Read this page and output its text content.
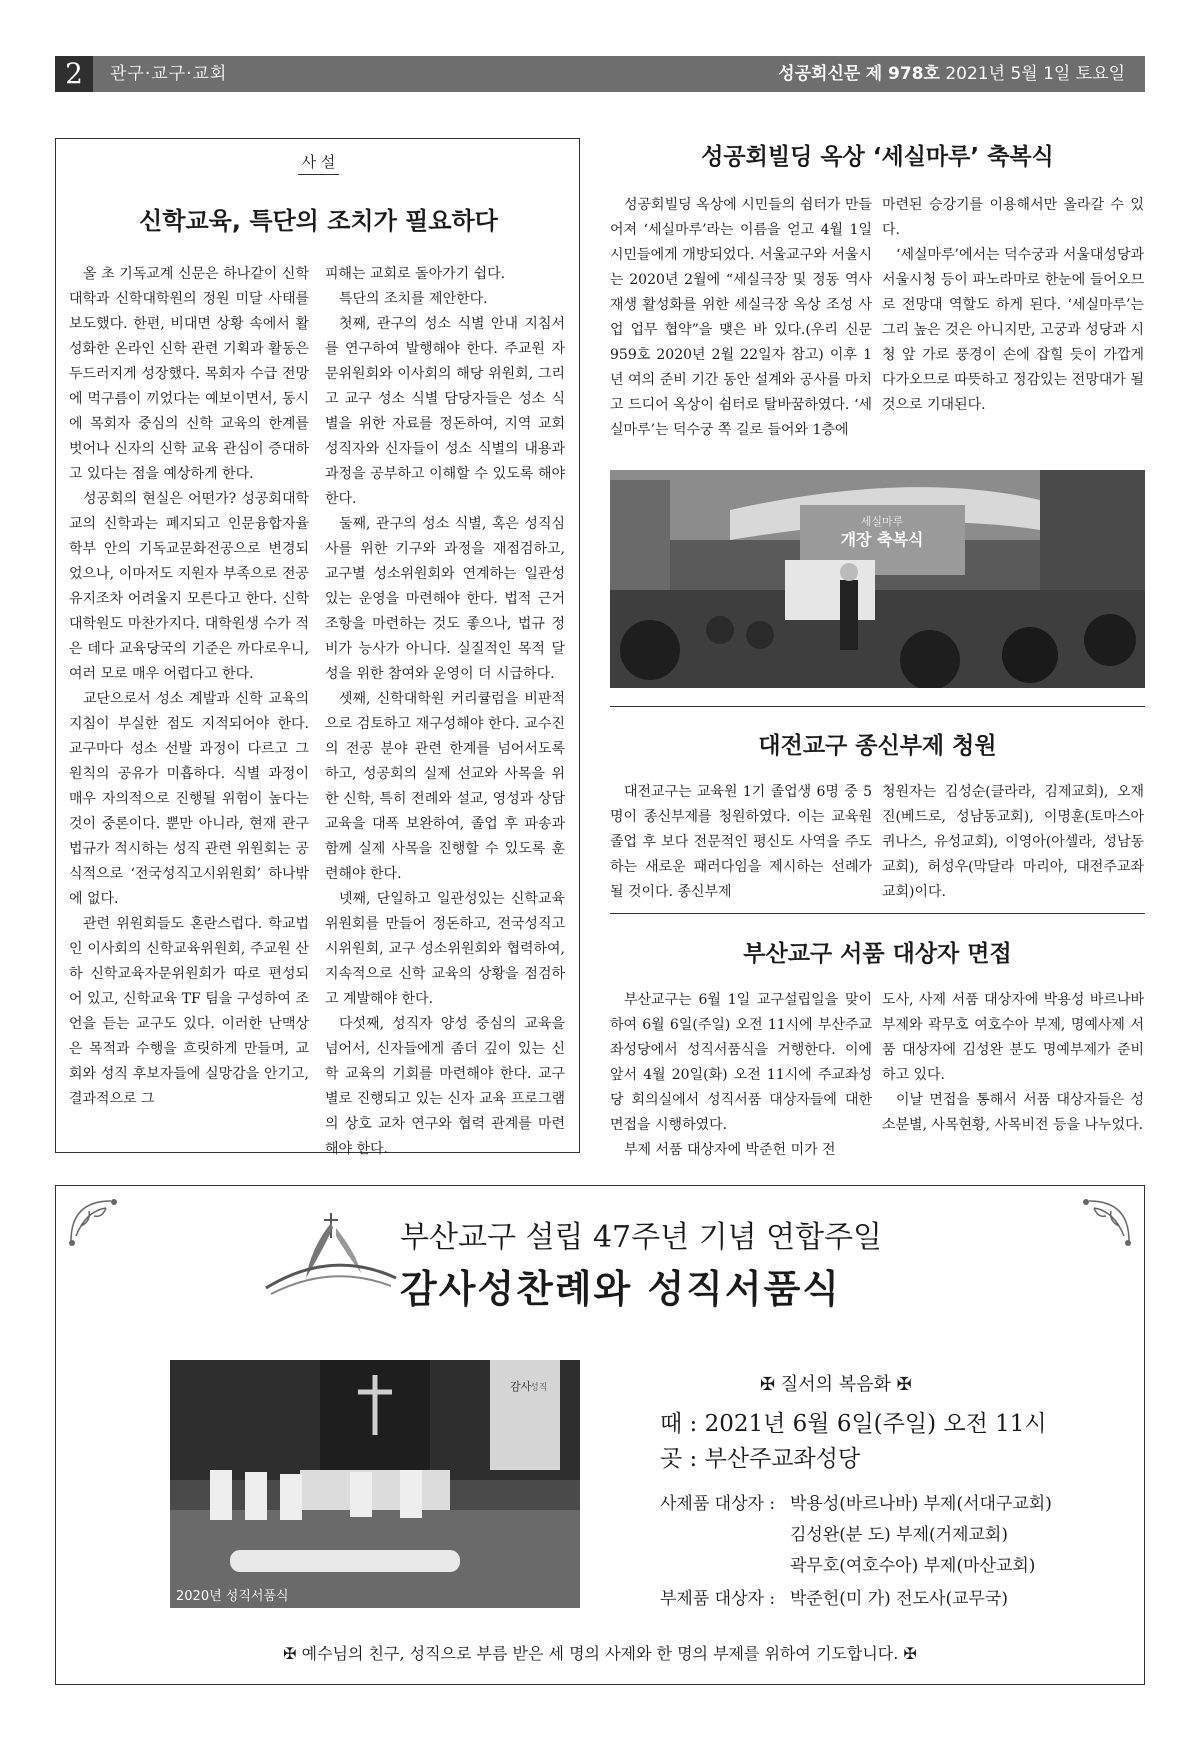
2	관구·교구·교회	성공회신문 제 978호 2021년 5월 1일 토요일
사 설
신학교육, 특단의 조치가 필요하다

올 초 기독교계 신문은 하나같이 신학대학과 신학대학원의 정원 미달 사태를 보도했다. 한편, 비대면 상황 속에서 활성화한 온라인 신학 관련 기획과 활동은 두드러지게 성장했다. 목회자 수급 전망에 먹구름이 끼었다는 예보이면서, 동시에 목회자 중심의 신학 교육의 한계를 벗어나 신자의 신학 교육 관심이 증대하고 있다는 점을 예상하게 한다.

성공회의 현실은 어떤가? 성공회대학교의 신학과는 폐지되고 인문융합자율학부 안의 기독교문화전공으로 변경되었으나, 이마저도 지원자 부족으로 전공 유지조차 어려울지 모른다고 한다. 신학대학원도 마찬가지다. 대학원생 수가 적은 데다 교육당국의 기준은 까다로우니, 여러 모로 매우 어렵다고 한다.

교단으로서 성소 계발과 신학 교육의 지침이 부실한 점도 지적되어야 한다. 교구마다 성소 선발 과정이 다르고 그 원칙의 공유가 미흡하다. 식별 과정이 매우 자의적으로 진행될 위험이 높다는 것이 중론이다. 뿐만 아니라, 현재 관구 법규가 적시하는 성직 관련 위원회는 공식적으로 ‘전국성직고시위원회’ 하나밖에 없다.

관련 위원회들도 혼란스럽다. 학교법인 이사회의 신학교육위원회, 주교원 산하 신학교육자문위원회가 따로 편성되어 있고, 신학교육 TF 팀을 구성하여 조언을 듣는 교구도 있다. 이러한 난맥상은 목적과 수행을 흐릿하게 만들며, 교회와 성직 후보자들에 실망감을 안기고, 결과적으로 그

피해는 교회로 돌아가기 쉽다.

특단의 조치를 제안한다.

첫째, 관구의 성소 식별 안내 지침서를 연구하여 발행해야 한다. 주교원 자문위원회와 이사회의 해당 위원회, 그리고 교구 성소 식별 담당자들은 성소 식별을 위한 자료를 정돈하여, 지역 교회 성직자와 신자들이 성소 식별의 내용과 과정을 공부하고 이해할 수 있도록 해야 한다.

둘째, 관구의 성소 식별, 혹은 성직심사를 위한 기구와 과정을 재점검하고, 교구별 성소위원회와 연계하는 일관성 있는 운영을 마련해야 한다. 법적 근거 조항을 마련하는 것도 좋으나, 법규 정비가 능사가 아니다. 실질적인 목적 달성을 위한 참여와 운영이 더 시급하다.

셋째, 신학대학원 커리큘럼을 비판적으로 검토하고 재구성해야 한다. 교수진의 전공 분야 관련 한계를 넘어서도록 하고, 성공회의 실제 선교와 사목을 위한 신학, 특히 전례와 설교, 영성과 상담 교육을 대폭 보완하여, 졸업 후 파송과 함께 실제 사목을 진행할 수 있도록 훈련해야 한다.

넷째, 단일하고 일관성있는 신학교육위원회를 만들어 정돈하고, 전국성직고시위원회, 교구 성소위원회와 협력하여, 지속적으로 신학 교육의 상황을 점검하고 계발해야 한다.

다섯째, 성직자 양성 중심의 교육을 넘어서, 신자들에게 좀더 깊이 있는 신학 교육의 기회를 마련해야 한다. 교구별로 진행되고 있는 신자 교육 프로그램의 상호 교차 연구와 협력 관계를 마련해야 한다.

성공회빌딩 옥상 ‘세실마루’ 축복식

성공회빌딩 옥상에 시민들의 쉼터가 만들어져 ‘세실마루’라는 이름을 얻고 4월 1일 시민들에게 개방되었다. 서울교구와 서울시는 2020년 2월에 “세실극장 및 정동 역사 재생 활성화를 위한 세실극장 옥상 조성 사업 업무 협약”을 맺은 바 있다.(우리 신문 959호 2020년 2월 22일자 참고) 이후 1년 여의 준비 기간 동안 설계와 공사를 마치고 드디어 옥상이 쉼터로 탈바꿈하였다. ‘세실마루’는 덕수궁 쪽 길로 들어와 1층에

마련된 승강기를 이용해서만 올라갈 수 있다.

‘세실마루’에서는 덕수궁과 서울대성당과 서울시청 등이 파노라마로 한눈에 들어오므로 전망대 역할도 하게 된다. ‘세실마루’는 그리 높은 것은 아니지만, 고궁과 성당과 시청 앞 가로 풍경이 손에 잡힐 듯이 가깝게 다가오므로 따뜻하고 정감있는 전망대가 될 것으로 기대된다.

세실마루
개장 축복식
대전교구 종신부제 청원

대전교구는 교육원 1기 졸업생 6명 중 5명이 종신부제를 청원하였다. 이는 교육원 졸업 후 보다 전문적인 평신도 사역을 주도하는 새로운 패러다임을 제시하는 선례가 될 것이다. 종신부제

청원자는 김성순(클라라, 김제교회), 오재진(베드로, 성남동교회), 이명훈(토마스아퀴나스, 유성교회), 이영아(아셀라, 성남동교회), 허성우(막달라 마리아, 대전주교좌교회)이다.

부산교구 서품 대상자 면접

부산교구는 6월 1일 교구설립일을 맞이하여 6월 6일(주일) 오전 11시에 부산주교좌성당에서 성직서품식을 거행한다. 이에 앞서 4월 20일(화) 오전 11시에 주교좌성당 회의실에서 성직서품 대상자들에 대한 면접을 시행하였다.

부제 서품 대상자에 박준헌 미가 전

도사, 사제 서품 대상자에 박용성 바르나바 부제와 곽무호 여호수아 부제, 명예사제 서품 대상자에 김성완 분도 명예부제가 준비하고 있다.

이날 면접을 통해서 서품 대상자들은 성소분별, 사목현황, 사목비전 등을 나누었다.

부산교구 설립 47주년 기념 연합주일
감사성찬례와 성직서품식
감사
성직
2020년 성직서품식
✠ 질서의 복음화 ✠
때 : 2021년 6월 6일(주일) 오전 11시
곳 : 부산주교좌성당
사제품 대상자 : 박용성(바르나바) 부제(서대구교회)
김성완(분 도) 부제(거제교회)
곽무호(여호수아) 부제(마산교회)
부제품 대상자 : 박준헌(미 가) 전도사(교무국)
✠ 예수님의 친구, 성직으로 부름 받은 세 명의 사제와 한 명의 부제를 위하여 기도합니다. ✠
